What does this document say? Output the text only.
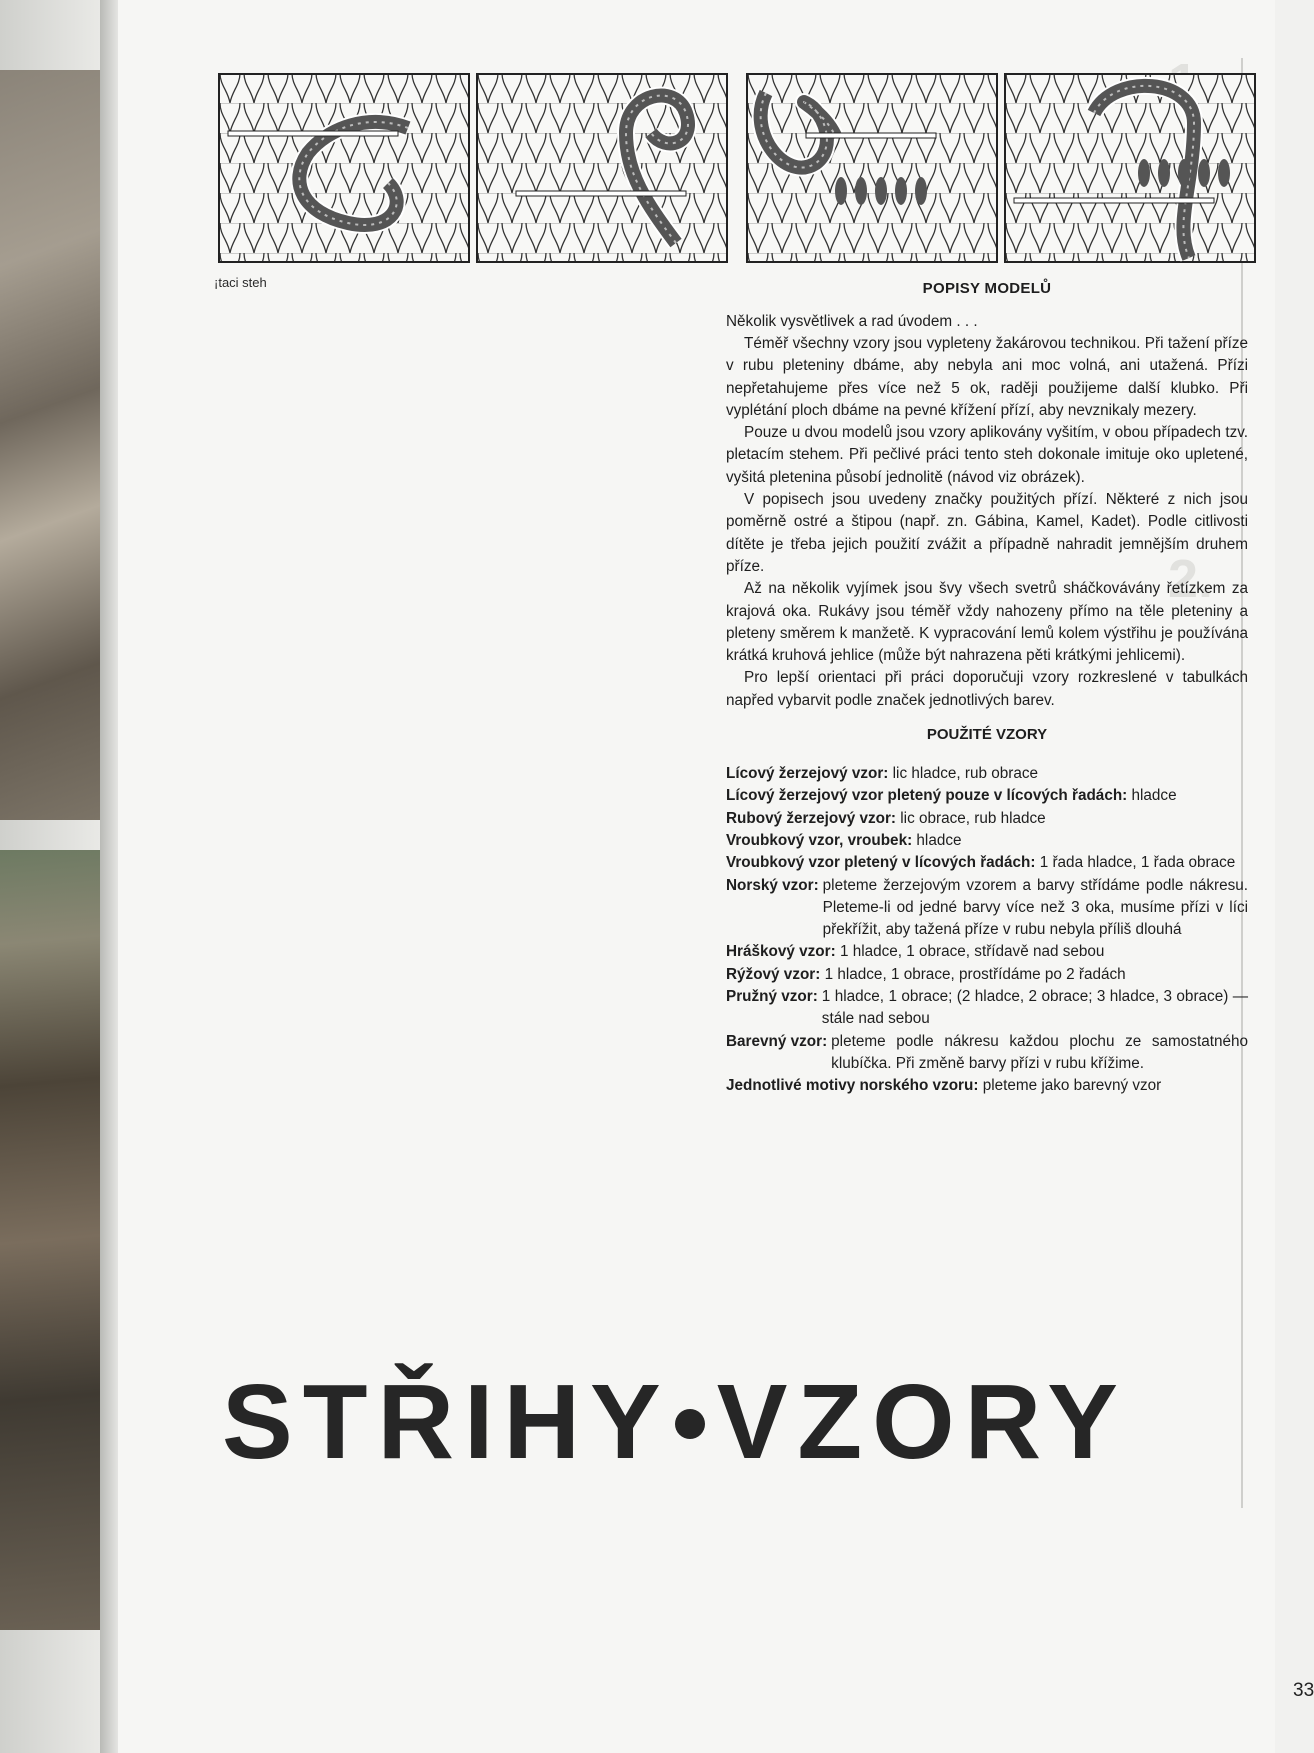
2.
¡taci steh	POPISY MODELŮ

Několik vysvětlivek a rad úvodem . . .

Téměř všechny vzory jsou vypleteny žakárovou technikou. Při tažení příze v rubu pleteniny dbáme, aby nebyla ani moc volná, ani utažená. Přízi nepřetahujeme přes více než 5 ok, raději použijeme další klubko. Při vyplétání ploch dbáme na pevné křížení přízí, aby nevznikaly mezery.

Pouze u dvou modelů jsou vzory aplikovány vyšitím, v obou případech tzv. pletacím stehem. Při pečlivé práci tento steh dokonale imituje oko upletené, vyšitá pletenina působí jednolitě (návod viz obrázek).

V popisech jsou uvedeny značky použitých přízí. Některé z nich jsou poměrně ostré a štipou (např. zn. Gábina, Kamel, Kadet). Podle citlivosti dítěte je třeba jejich použití zvážit a případně nahradit jemnějším druhem příze.

Až na několik vyjímek jsou švy všech svetrů sháčkovávány řetízkem za krajová oka. Rukávy jsou téměř vždy nahozeny přímo na těle pleteniny a pleteny směrem k manžetě. K vypracování lemů kolem výstřihu je používána krátká kruhová jehlice (může být nahrazena pěti krátkými jehlicemi).

Pro lepší orientaci při práci doporučuji vzory rozkreslené v tabulkách napřed vybarvit podle značek jednotlivých barev.

POUŽITÉ VZORY

Lícový žerzejový vzor: lic hladce, rub obrace

Lícový žerzejový vzor pletený pouze v lícových řadách: hladce

Rubový žerzejový vzor: lic obrace, rub hladce

Vroubkový vzor, vroubek: hladce

Vroubkový vzor pletený v lícových řadách: 1 řada hladce, 1 řada obrace

Norský vzor: pleteme žerzejovým vzorem a barvy střídáme podle nákresu. Pleteme-li od jedné barvy více než 3 oka, musíme přízi v líci překřížit, aby tažená příze v rubu nebyla příliš dlouhá

Hráškový vzor: 1 hladce, 1 obrace, střídavě nad sebou

Rýžový vzor: 1 hladce, 1 obrace, prostřídáme po 2 řadách

Pružný vzor: 1 hladce, 1 obrace; (2 hladce, 2 obrace; 3 hladce, 3 obrace) — stále nad sebou
Barevný vzor: pleteme podle nákresu každou plochu ze samostatného klubíčka. Při změně barvy přízi v rubu křížime.

Jednotlivé motivy norského vzoru: pleteme jako barevný vzor

STŘIHY VZORY
33
